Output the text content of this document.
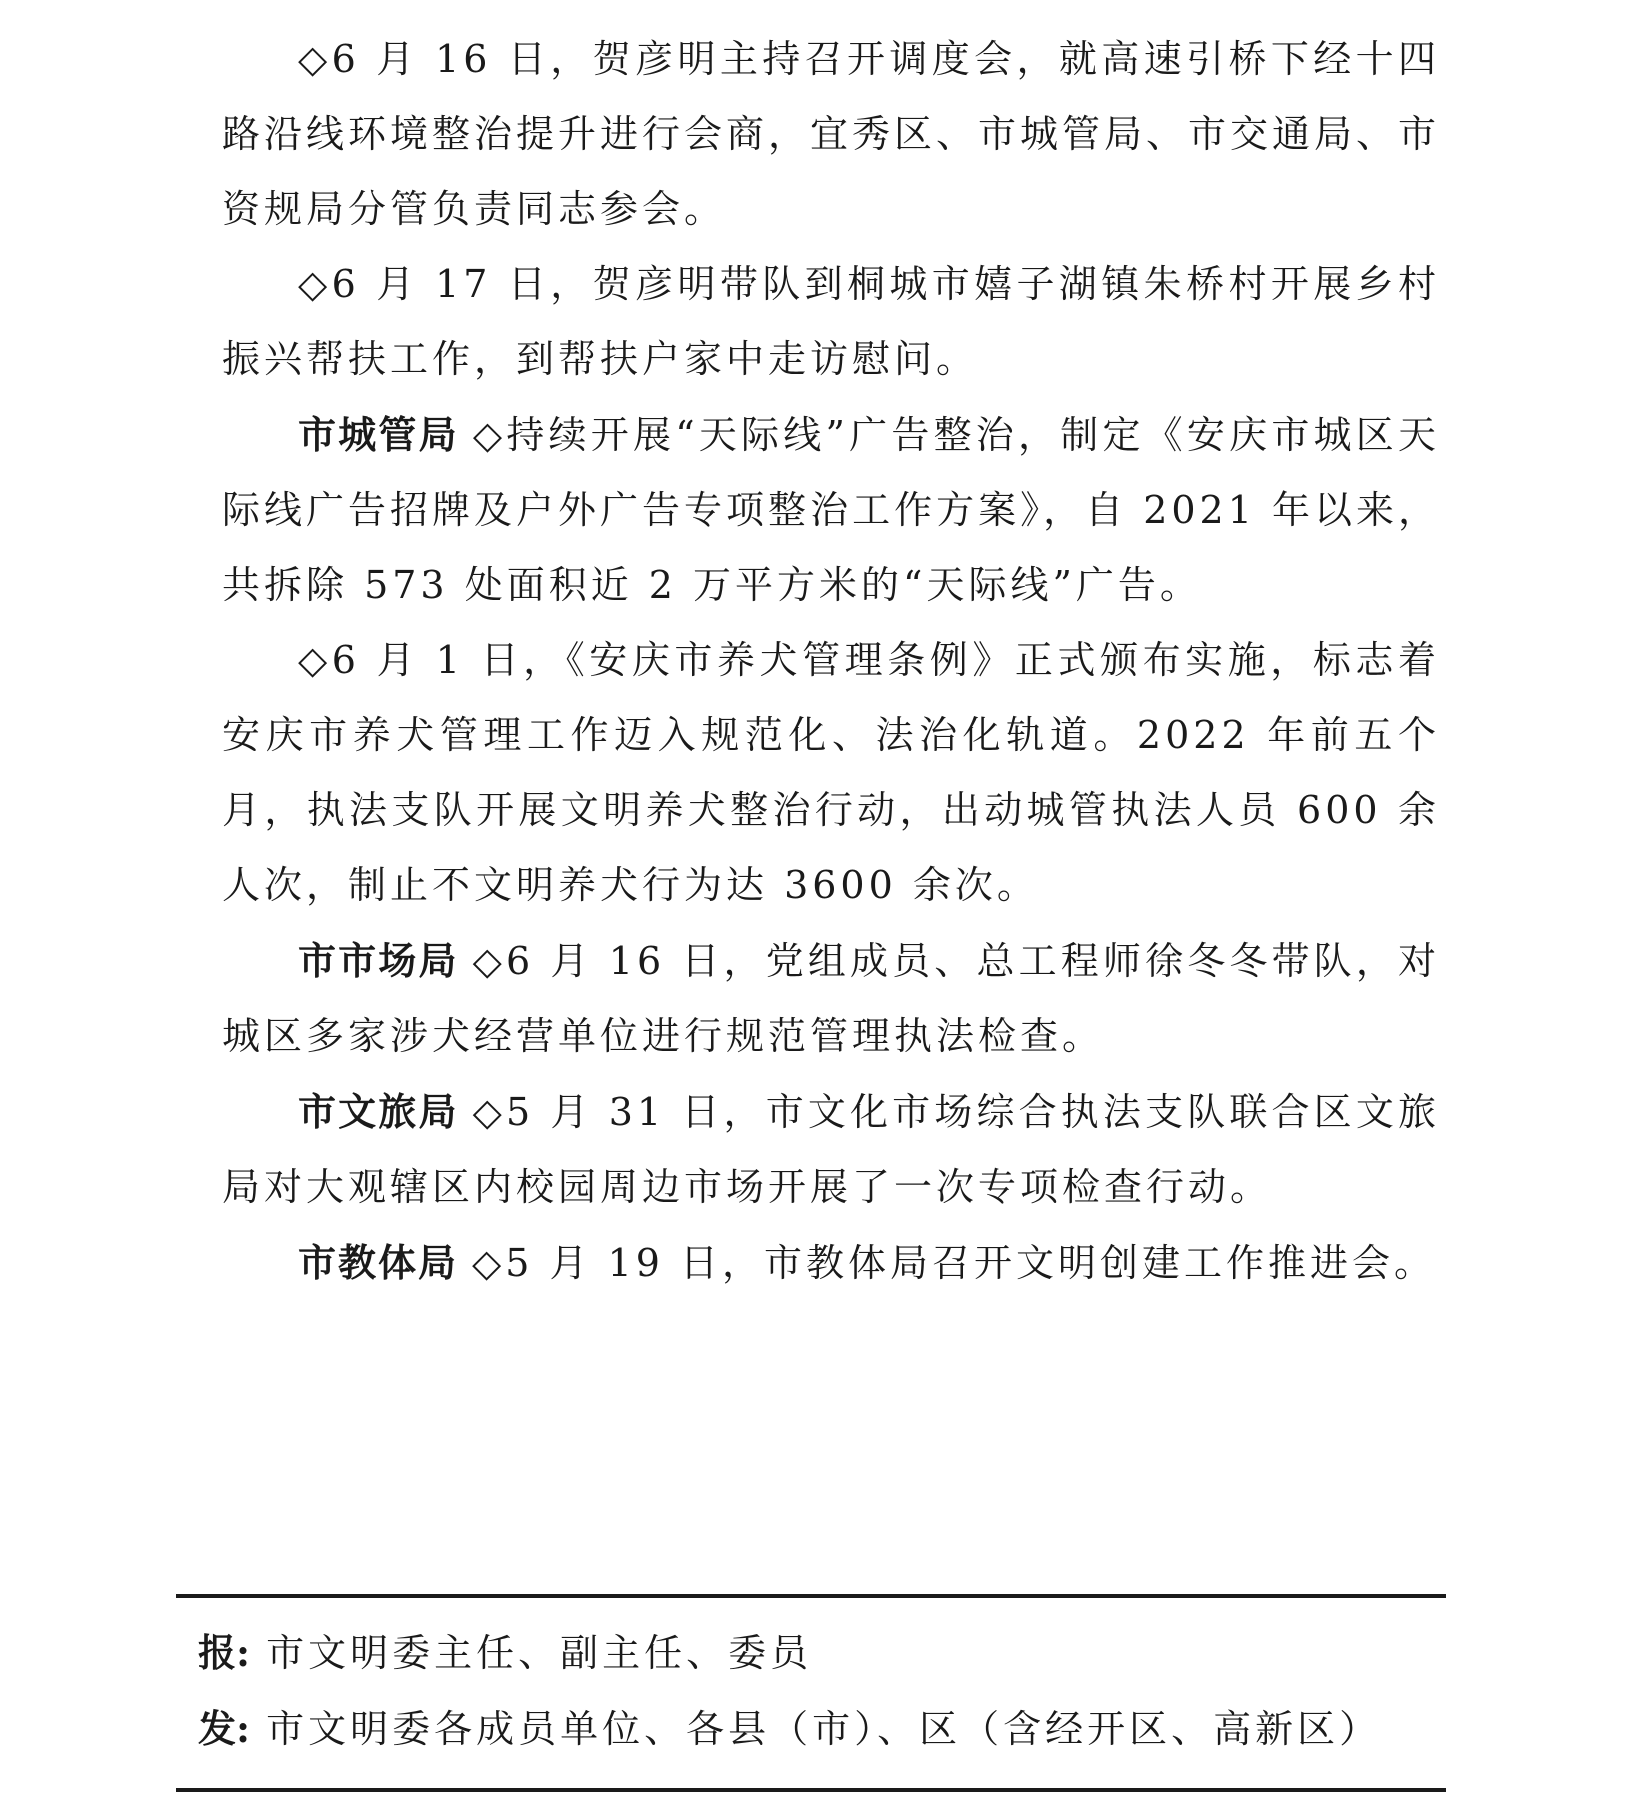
◇6 月 16 日，贺彦明主持召开调度会，就高速引桥下经十四路沿线环境整治提升进行会商，宜秀区、市城管局、市交通局、市资规局分管负责同志参会。

◇6 月 17 日，贺彦明带队到桐城市嬉子湖镇朱桥村开展乡村振兴帮扶工作，到帮扶户家中走访慰问。

市城管局 ◇持续开展“天际线”广告整治，制定《安庆市城区天际线广告招牌及户外广告专项整治工作方案》，自 2021 年以来，共拆除 573 处面积近 2 万平方米的“天际线”广告。

◇6 月 1 日，《安庆市养犬管理条例》正式颁布实施，标志着安庆市养犬管理工作迈入规范化、法治化轨道。2022 年前五个月，执法支队开展文明养犬整治行动，出动城管执法人员 600 余人次，制止不文明养犬行为达 3600 余次。

市市场局 ◇6 月 16 日，党组成员、总工程师徐冬冬带队，对城区多家涉犬经营单位进行规范管理执法检查。

市文旅局 ◇5 月 31 日，市文化市场综合执法支队联合区文旅局对大观辖区内校园周边市场开展了一次专项检查行动。

市教体局 ◇5 月 19 日，市教体局召开文明创建工作推进会。

报: 市文明委主任、副主任、委员
发: 市文明委各成员单位、各县（市）、区（含经开区、高新区）
